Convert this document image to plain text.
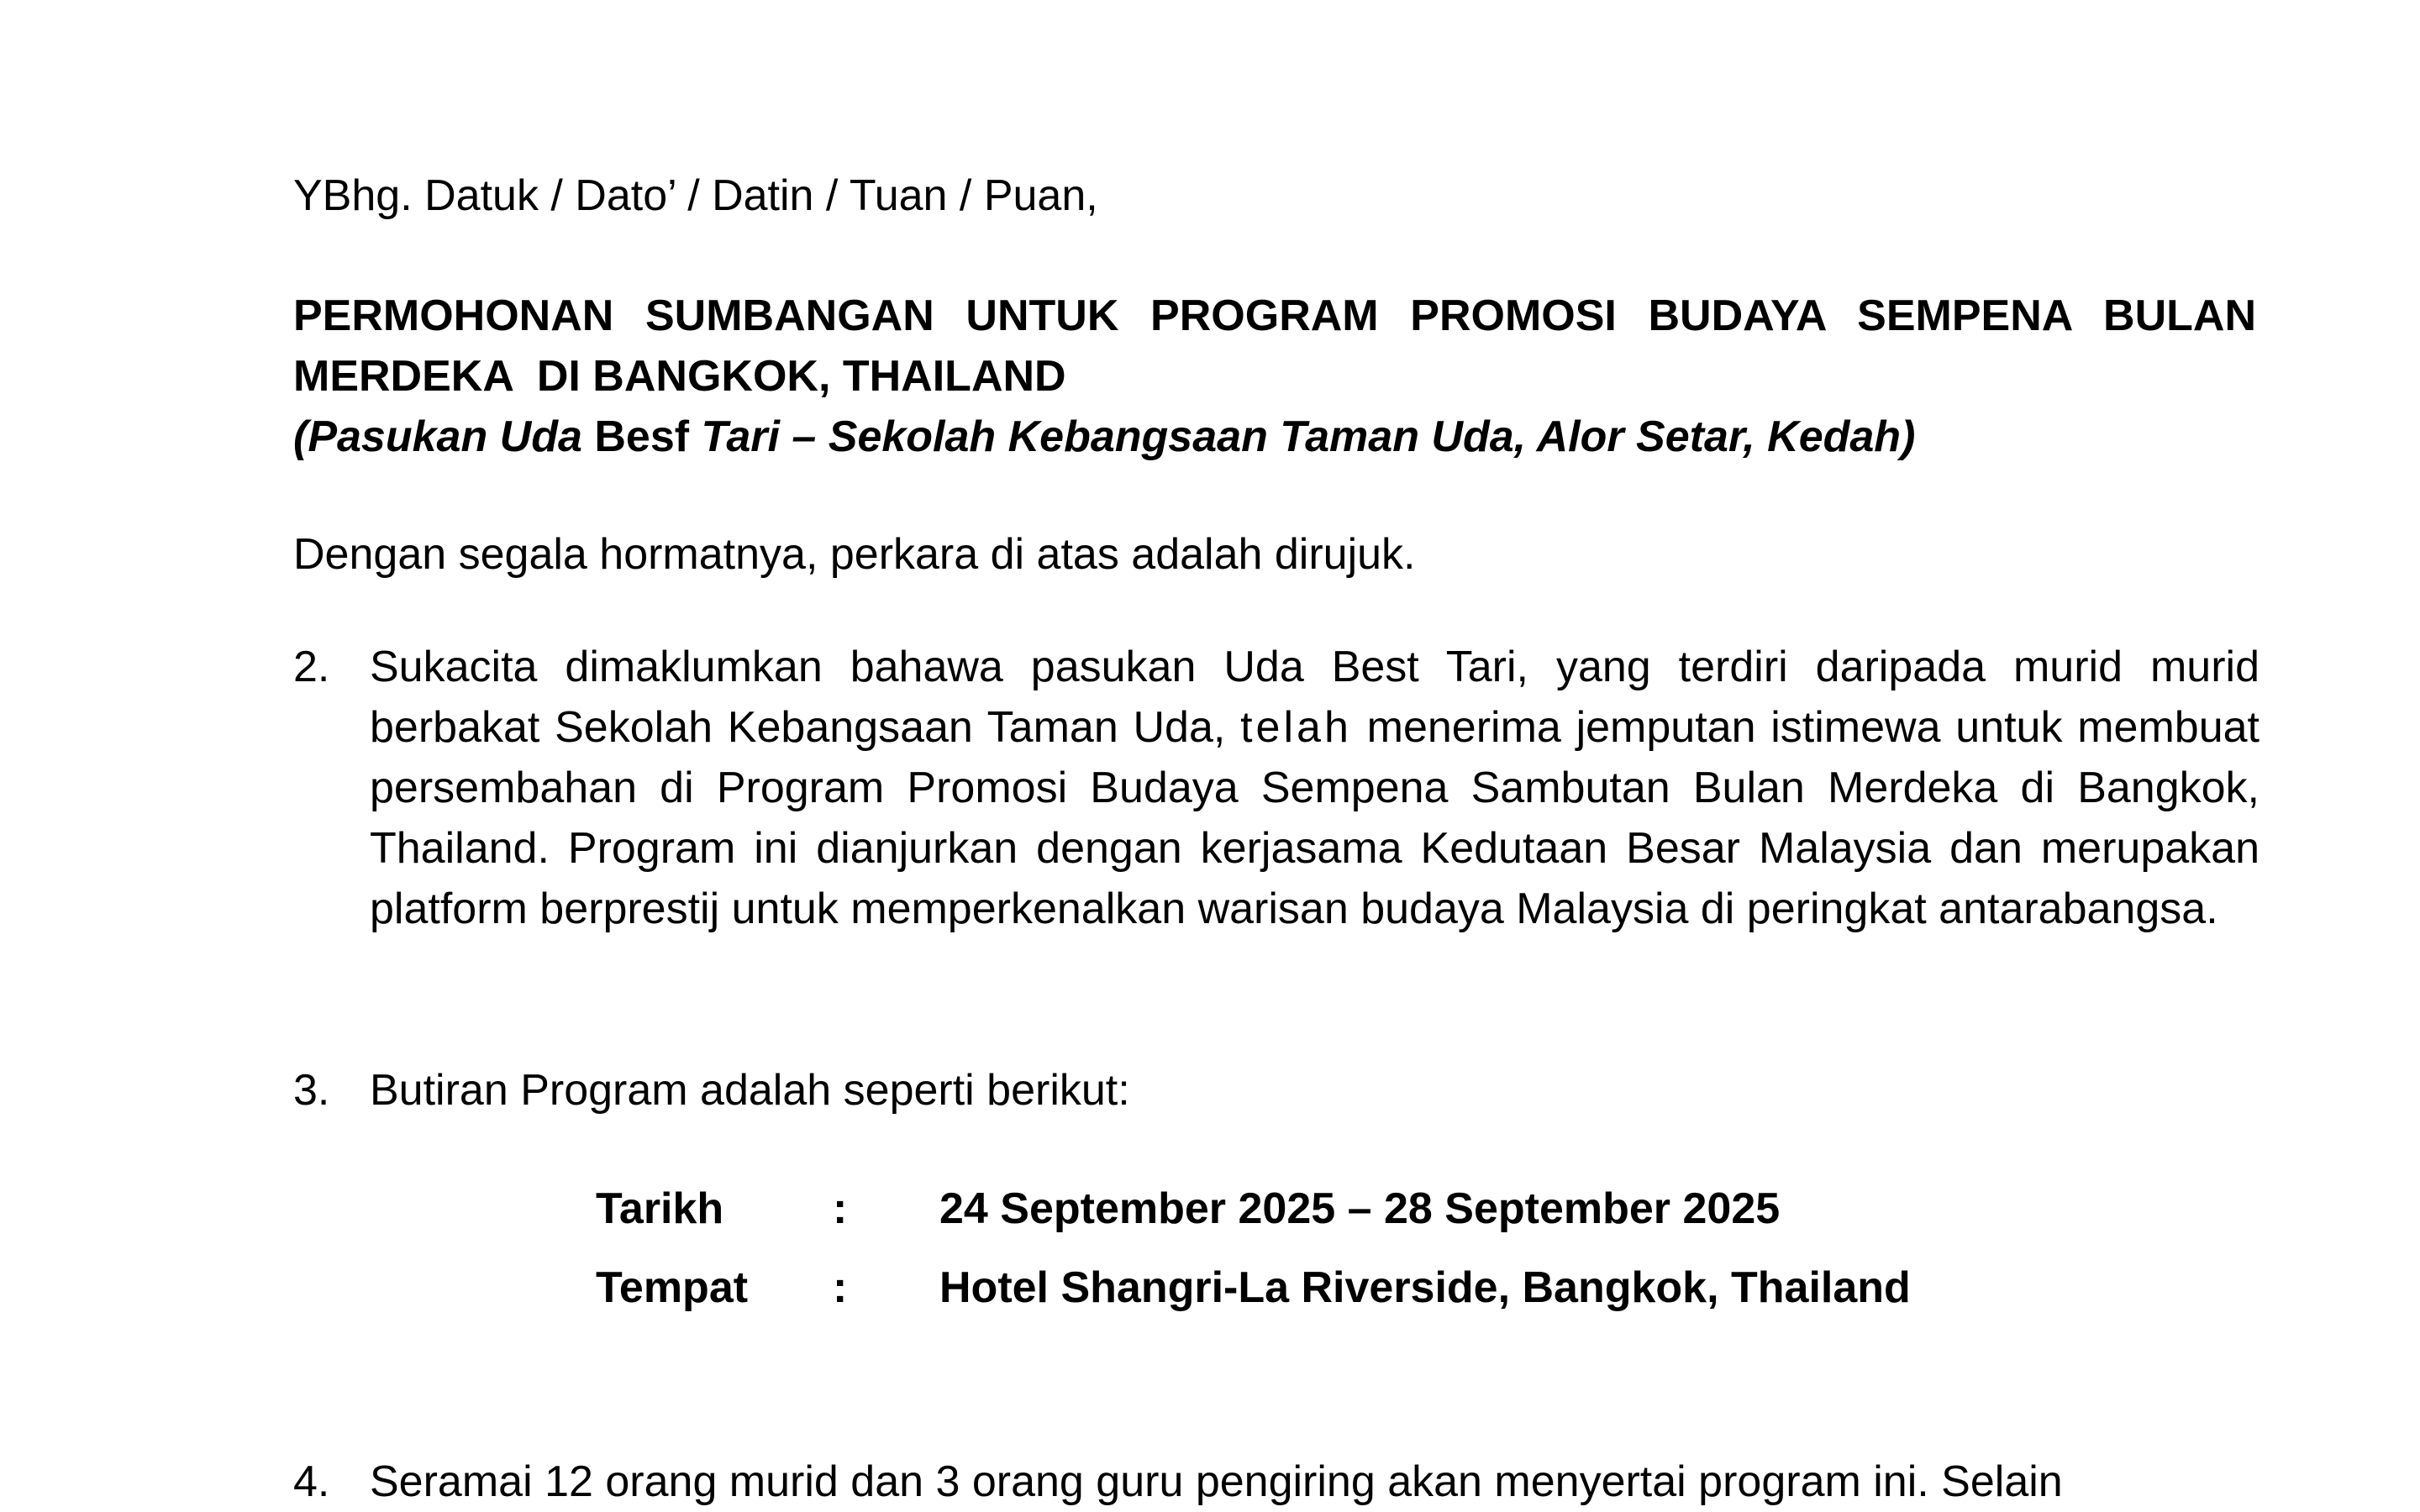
YBhg. Datuk / Dato’ / Datin / Tuan / Puan,

PERMOHONAN SUMBANGAN UNTUK PROGRAM PROMOSI BUDAYA SEMPENA BULAN
MERDEKA  DI BANGKOK, THAILAND
(Pasukan Uda Besf Tari – Sekolah Kebangsaan Taman Uda, Alor Setar, Kedah)

Dengan segala hormatnya, perkara di atas adalah dirujuk.

2. Sukacita dimaklumkan bahawa pasukan Uda Best Tari, yang terdiri daripada murid murid berbakat Sekolah Kebangsaan Taman Uda, telah menerima jemputan istimewa untuk membuat persembahan di Program Promosi Budaya Sempena Sambutan Bulan Merdeka di Bangkok, Thailand. Program ini dianjurkan dengan kerjasama Kedutaan Besar Malaysia dan merupakan platform berprestij untuk memperkenalkan warisan budaya Malaysia di peringkat antarabangsa.
3. Butiran Program adalah seperti berikut:
Tarikh	:	24 September 2025 – 28 September 2025
Tempat	:	Hotel Shangri-La Riverside, Bangkok, Thailand
4. Seramai 12 orang murid dan 3 orang guru pengiring akan menyertai program ini. Selain
